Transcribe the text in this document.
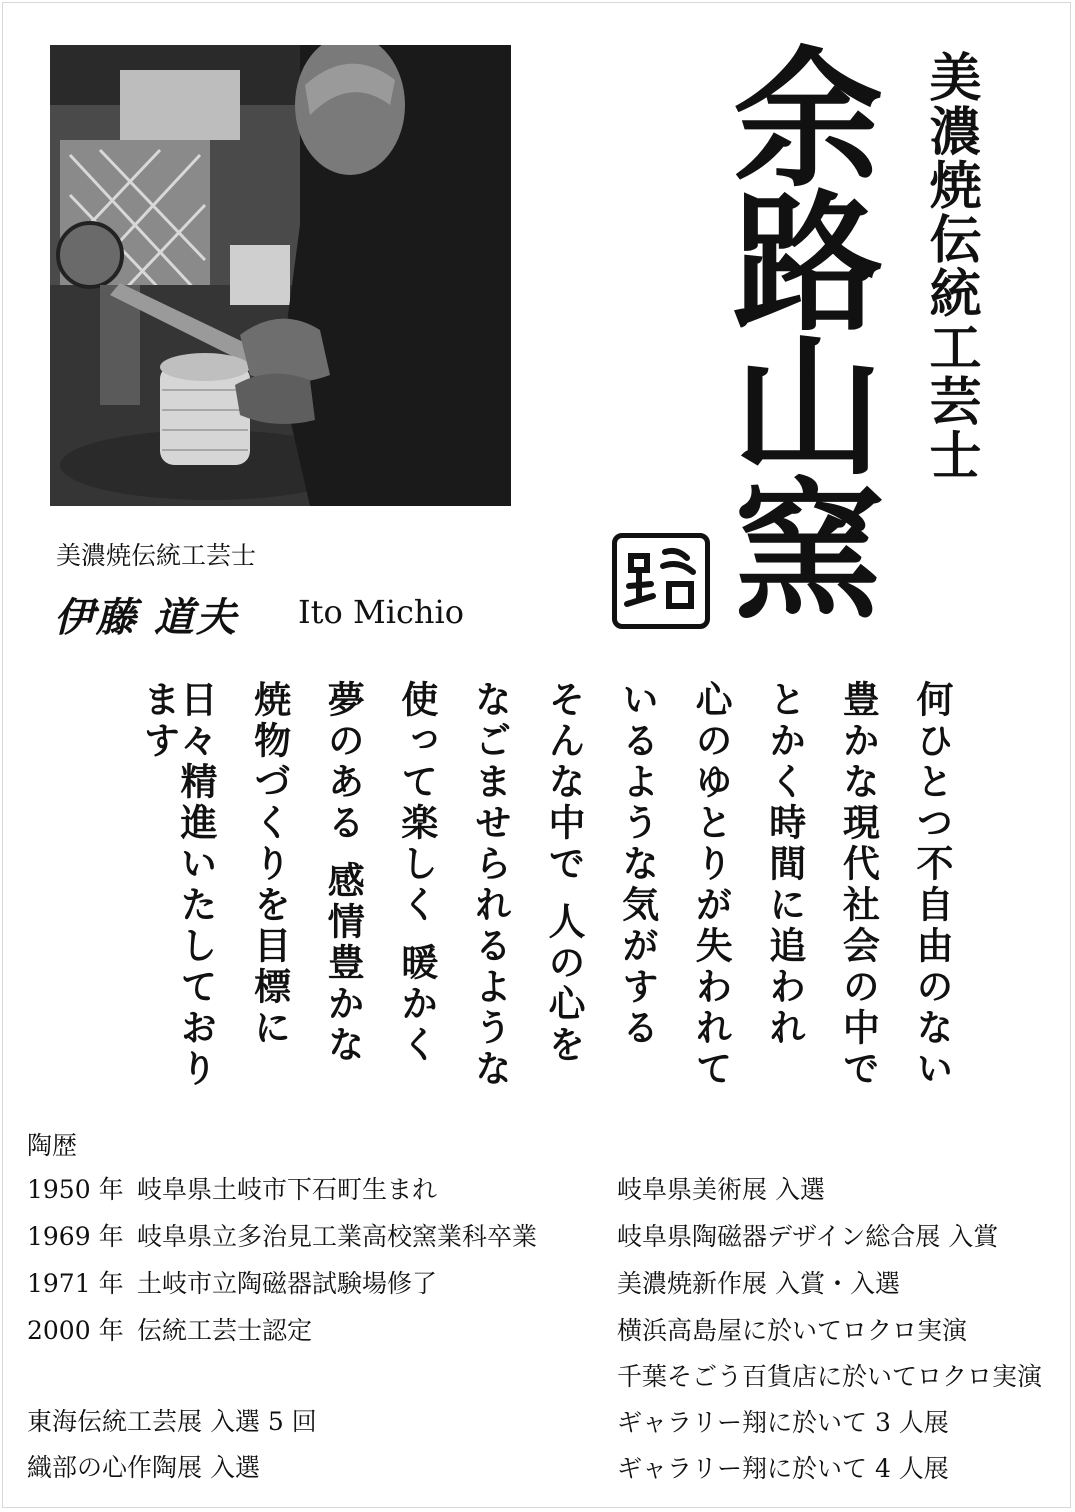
美濃焼伝統工芸士
余路山窯
美濃焼伝統工芸士
伊藤 道夫 Ito Michio
何ひとつ不自由のない
豊かな現代社会の中で
とかく時間に追われ
心のゆとりが失われて
いるような気がする
そんな中で 人の心を
なごませられるような
使って楽しく 暖かく
夢のある 感情豊かな
焼物づくりを目標に
日々精進いたしております
陶歴
1950 年 岐阜県土岐市下石町生まれ
1969 年 岐阜県立多治見工業高校窯業科卒業
1971 年 土岐市立陶磁器試験場修了
2000 年 伝統工芸士認定
岐阜県美術展 入選
岐阜県陶磁器デザイン総合展 入賞
美濃焼新作展 入賞・入選
横浜高島屋に於いてロクロ実演
千葉そごう百貨店に於いてロクロ実演
ギャラリー翔に於いて 3 人展
ギャラリー翔に於いて 4 人展
東海伝統工芸展 入選 5 回
織部の心作陶展 入選
